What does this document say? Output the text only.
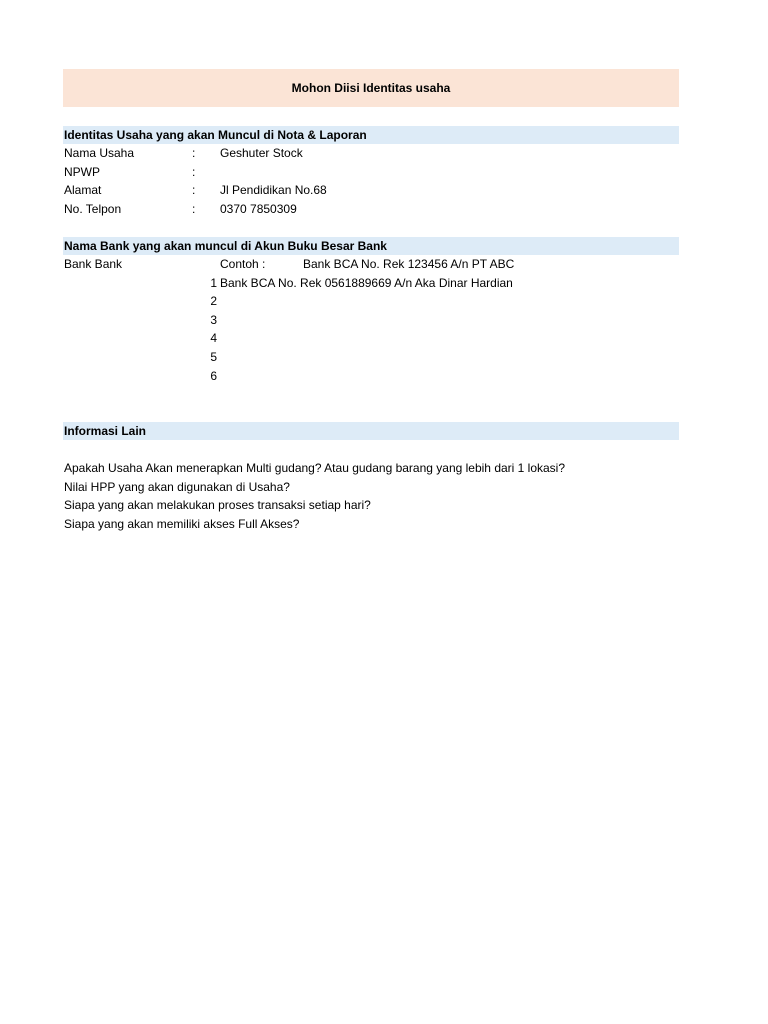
Mohon Diisi Identitas usaha
Identitas Usaha yang akan Muncul di Nota & Laporan
Nama Usaha	: Geshuter Stock
NPWP	:
Alamat	: Jl Pendidikan No.68
No. Telpon	: 0370 7850309
Nama Bank yang akan muncul di Akun Buku Besar Bank
Bank Bank	Contoh :	Bank BCA No. Rek 123456 A/n PT ABC
1 Bank BCA No. Rek 0561889669 A/n Aka Dinar Hardian
2
3
4
5
6
Informasi Lain
Apakah Usaha Akan menerapkan Multi gudang? Atau gudang barang yang lebih dari 1 lokasi?
Nilai HPP yang akan digunakan di Usaha?
Siapa yang akan melakukan proses transaksi setiap hari?
Siapa yang akan memiliki akses Full Akses?
